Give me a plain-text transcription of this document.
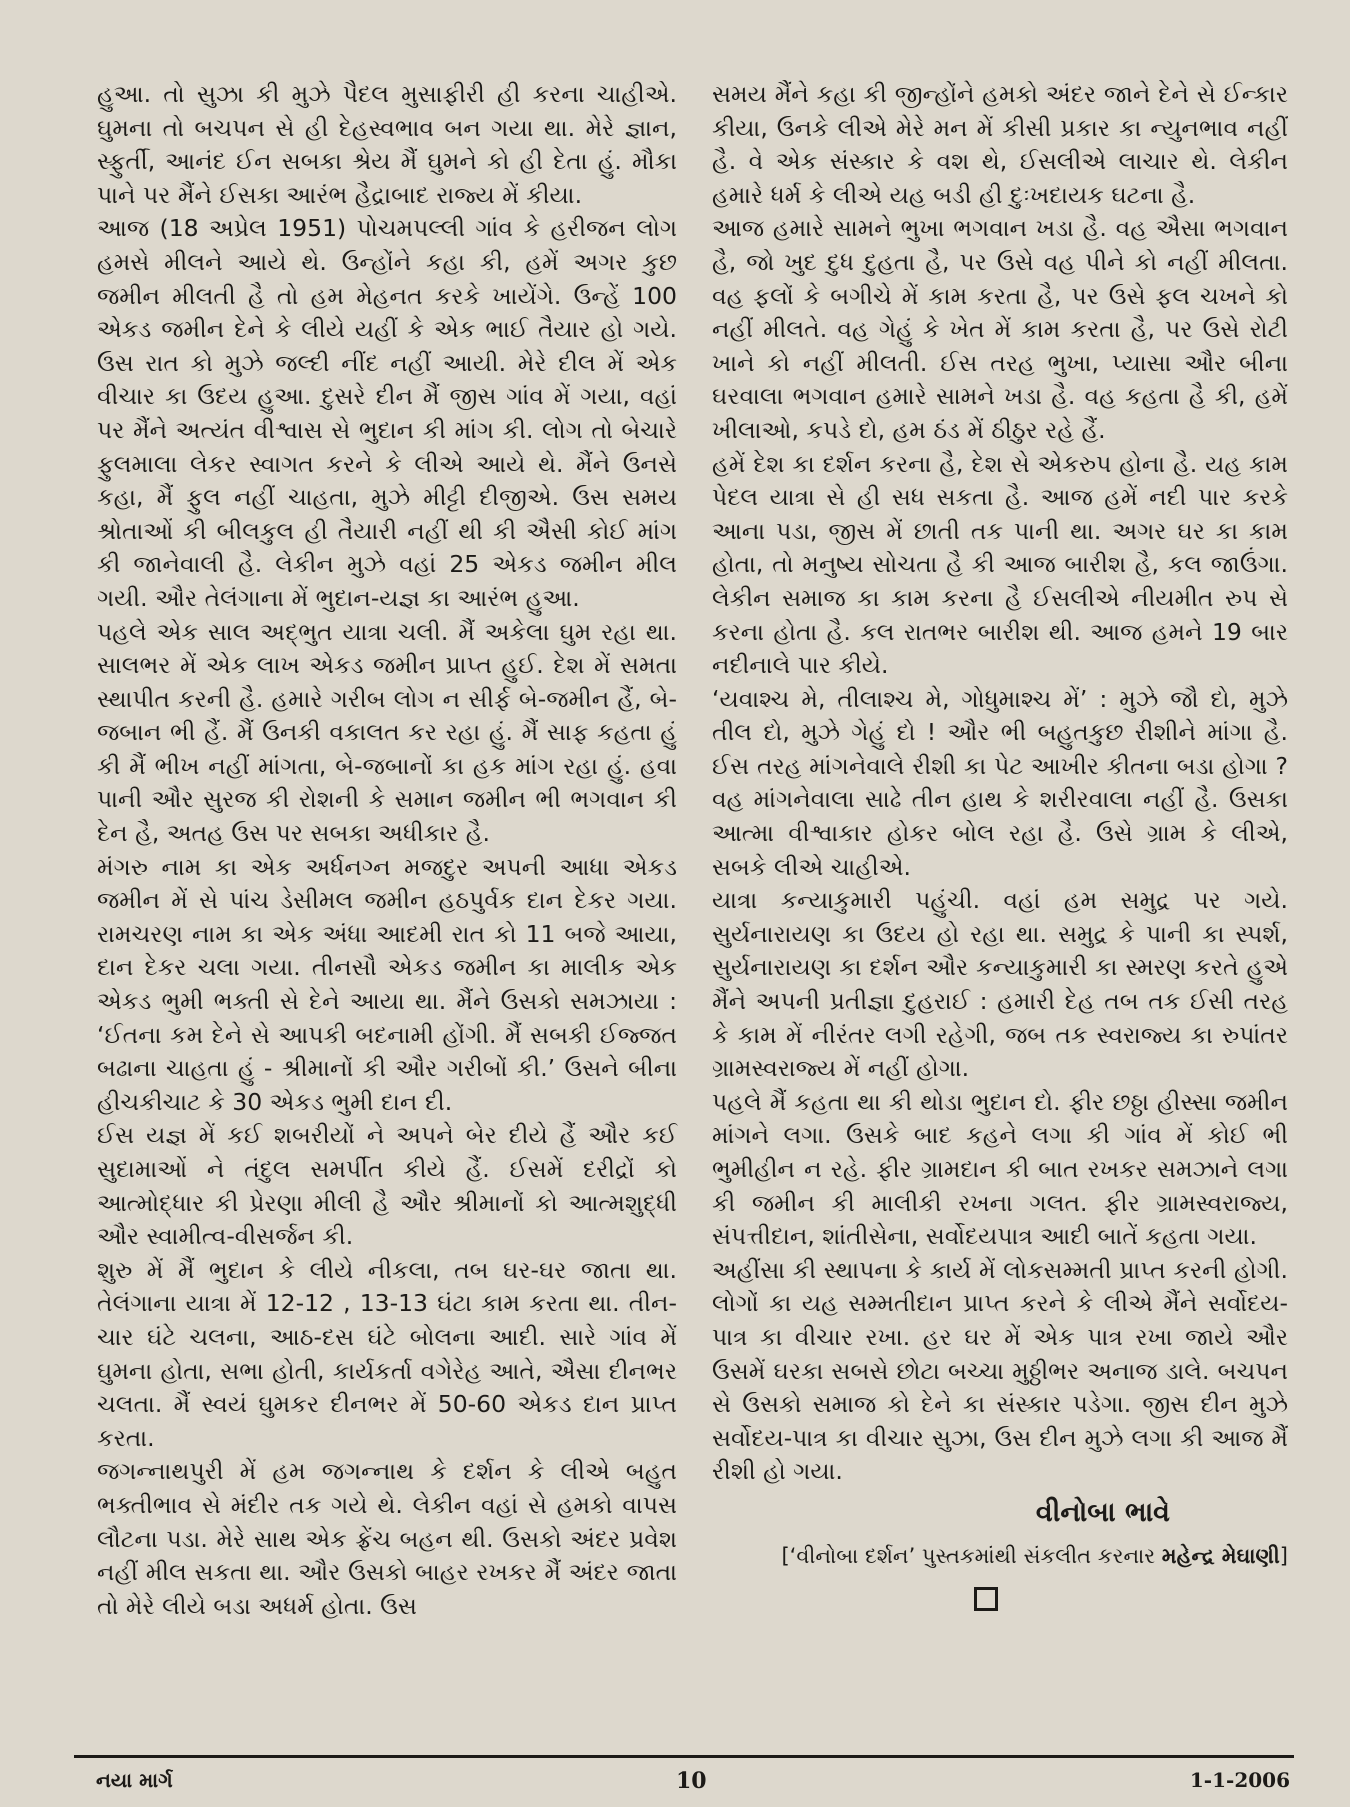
હુઆ. તો સુઝા કી મુઝે પૈદલ મુસાફીરી હી કરના ચાહીએ. ઘુમના તો બચપન સે હી દેહસ્વભાવ બન ગયા થા. મેરે જ્ઞાન, સ્ફુર્તી, આનંદ ઈન સબકા શ્રેય મૈં ઘુમને કો હી દેતા હું. મૌકા પાને પર મૈંને ઈસકા આરંભ હૈદ્રાબાદ રાજ્ય મેં કીયા.

આજ (18 અપ્રેલ 1951) પોચમપલ્લી ગાંવ કે હરીજન લોગ હમસે મીલને આયે થે. ઉન્હોંને કહા કી, હમેં અગર કુછ જમીન મીલતી હૈ તો હમ મેહનત કરકે ખાયેંગે. ઉન્હેં 100 એકડ જમીન દેને કે લીયે યહીં કે એક ભાઈ તૈયાર હો ગયે. ઉસ રાત કો મુઝે જલ્દી નીંદ નહીં આયી. મેરે દીલ મેં એક વીચાર કા ઉદય હુઆ. દુસરે દીન મૈં જીસ ગાંવ મેં ગયા, વહાં પર મૈંને અત્યંત વીશ્વાસ સે ભુદાન કી માંગ કી. લોગ તો બેચારે ફુલમાલા લેકર સ્વાગત કરને કે લીએ આયે થે. મૈંને ઉનસે કહા, મૈં ફુલ નહીં ચાહતા, મુઝે મીટ્ટી દીજીએ. ઉસ સમય શ્રોતાઓં કી બીલકુલ હી તૈયારી નહીં થી કી ઐસી કોઈ માંગ કી જાનેવાલી હૈ. લેકીન મુઝે વહાં 25 એકડ જમીન મીલ ગયી. ઔર તેલંગાના મેં ભુદાન-યજ્ઞ કા આરંભ હુઆ.

પહલે એક સાલ અદ્ભુત યાત્રા ચલી. મૈં અકેલા ઘુમ રહા થા. સાલભર મેં એક લાખ એકડ જમીન પ્રાપ્ત હુઈ. દેશ મેં સમતા સ્થાપીત કરની હૈ. હમારે ગરીબ લોગ ન સીર્ફ બે-જમીન હૈં, બે-જબાન ભી હૈં. મૈં ઉનકી વકાલત કર રહા હું. મૈં સાફ કહતા હું કી મૈં ભીખ નહીં માંગતા, બે-જબાનોં કા હક માંગ રહા હું. હવા પાની ઔર સુરજ કી રોશની કે સમાન જમીન ભી ભગવાન કી દેન હૈ, અતહ ઉસ પર સબકા અધીકાર હૈ.

મંગરુ નામ કા એક અર્ધનગ્ન મજદુર અપની આધા એકડ જમીન મેં સે પાંચ ડેસીમલ જમીન હઠપુર્વક દાન દેકર ગયા. રામચરણ નામ કા એક અંધા આદમી રાત કો 11 બજે આયા, દાન દેકર ચલા ગયા. તીનસૌ એકડ જમીન કા માલીક એક એકડ ભુમી ભક્તી સે દેને આયા થા. મૈંને ઉસકો સમઝાયા : ‘ઈતના કમ દેને સે આપકી બદનામી હોંગી. મૈં સબકી ઈજ્જત બઢાના ચાહતા હું - શ્રીમાનોં કી ઔર ગરીબોં કી.’ ઉસને બીના હીચકીચાટ કે 30 એકડ ભુમી દાન દી.

ઈસ યજ્ઞ મેં કઈ શબરીયોં ને અપને બેર દીયે હૈં ઔર કઈ સુદામાઓં ને તંદુલ સમર્પીત કીયે હૈં. ઈસમેં દરીદ્રોં કો આત્મોદ્ધાર કી પ્રેરણા મીલી હૈ ઔર શ્રીમાનોં કો આત્મશુદ્ધી ઔર સ્વામીત્વ-વીસર્જન કી.

શુરુ મેં મૈં ભુદાન કે લીયે નીકલા, તબ ઘર-ઘર જાતા થા. તેલંગાના યાત્રા મેં 12-12 , 13-13 ઘંટા કામ કરતા થા. તીન-ચાર ઘંટે ચલના, આઠ-દસ ઘંટે બોલના આદી. સારે ગાંવ મેં ઘુમના હોતા, સભા હોતી, કાર્યકર્તા વગેરેહ આતે, ઐસા દીનભર ચલતા. મૈં સ્વયં ઘુમકર દીનભર મેં 50-60 એકડ દાન પ્રાપ્ત કરતા.

જગન્નાથપુરી મેં હમ જગન્નાથ કે દર્શન કે લીએ બહુત ભક્તીભાવ સે મંદીર તક ગયે થે. લેકીન વહાં સે હમકો વાપસ લૌટના પડા. મેરે સાથ એક ફ્રેંચ બહન થી. ઉસકો અંદર પ્રવેશ નહીં મીલ સકતા થા. ઔર ઉસકો બાહર રખકર મૈં અંદર જાતા તો મેરે લીયે બડા અધર્મ હોતા. ઉસ

સમય મૈંને કહા કી જીન્હોંને હમકો અંદર જાને દેને સે ઈન્કાર કીયા, ઉનકે લીએ મેરે મન મેં કીસી પ્રકાર કા ન્યુનભાવ નહીં હૈ. વે એક સંસ્કાર કે વશ થે, ઈસલીએ લાચાર થે. લેકીન હમારે ધર્મ કે લીએ યહ બડી હી દુઃખદાયક ઘટના હૈ.

આજ હમારે સામને ભુખા ભગવાન ખડા હૈ. વહ ઐસા ભગવાન હૈ, જો ખુદ દુધ દુહતા હૈ, પર ઉસે વહ પીને કો નહીં મીલતા. વહ ફલોં કે બગીચે મેં કામ કરતા હૈ, પર ઉસે ફલ ચખને કો નહીં મીલતે. વહ ગેહું કે ખેત મેં કામ કરતા હૈ, પર ઉસે રોટી ખાને કો નહીં મીલતી. ઈસ તરહ ભુખા, પ્યાસા ઔર બીના ઘરવાલા ભગવાન હમારે સામને ખડા હૈ. વહ કહતા હૈ કી, હમેં ખીલાઓ, કપડે દો, હમ ઠંડ મેં ઠીઠુર રહે હૈં.

હમેં દેશ કા દર્શન કરના હૈ, દેશ સે એકરુપ હોના હૈ. યહ કામ પેદલ યાત્રા સે હી સધ સકતા હૈ. આજ હમેં નદી પાર કરકે આના પડા, જીસ મેં છાતી તક પાની થા. અગર ઘર કા કામ હોતા, તો મનુષ્ય સોચતા હૈ કી આજ બારીશ હૈ, કલ જાઉંગા. લેકીન સમાજ કા કામ કરના હૈ ઈસલીએ નીયમીત રુપ સે કરના હોતા હૈ. કલ રાતભર બારીશ થી. આજ હમને 19 બાર નદીનાલે પાર કીયે.

‘યવાશ્ચ મે, તીલાશ્ચ મે, ગોધુમાશ્ચ મેં’ : મુઝે જૌ દો, મુઝે તીલ દો, મુઝે ગેહું દો ! ઔર ભી બહુતકુછ રીશીને માંગા હૈ. ઈસ તરહ માંગનેવાલે રીશી કા પેટ આખીર કીતના બડા હોગા ? વહ માંગનેવાલા સાઢે તીન હાથ કે શરીરવાલા નહીં હૈ. ઉસકા આત્મા વીશ્વાકાર હોકર બોલ રહા હૈ. ઉસે ગ્રામ કે લીએ, સબકે લીએ ચાહીએ.

યાત્રા કન્યાકુમારી પહુંચી. વહાં હમ સમુદ્ર પર ગયે. સુર્યનારાયણ કા ઉદય હો રહા થા. સમુદ્ર કે પાની કા સ્પર્શ, સુર્યનારાયણ કા દર્શન ઔર કન્યાકુમારી કા સ્મરણ કરતે હુએ મૈંને અપની પ્રતીજ્ઞા દુહરાઈ : હમારી દેહ તબ તક ઈસી તરહ કે કામ મેં નીરંતર લગી રહેગી, જબ તક સ્વરાજ્ય કા રુપાંતર ગ્રામસ્વરાજ્ય મેં નહીં હોગા.

પહલે મૈં કહતા થા કી થોડા ભુદાન દો. ફીર છઠ્ઠા હીસ્સા જમીન માંગને લગા. ઉસકે બાદ કહને લગા કી ગાંવ મેં કોઈ ભી ભુમીહીન ન રહે. ફીર ગ્રામદાન કી બાત રખકર સમઝાને લગા કી જમીન કી માલીકી રખના ગલત. ફીર ગ્રામસ્વરાજ્ય, સંપત્તીદાન, શાંતીસેના, સર્વોદયપાત્ર આદી બાતેં કહતા ગયા.

અહીંસા કી સ્થાપના કે કાર્ય મેં લોકસમ્મતી પ્રાપ્ત કરની હોગી. લોગોં કા યહ સમ્મતીદાન પ્રાપ્ત કરને કે લીએ મૈંને સર્વોદય-પાત્ર કા વીચાર રખા. હર ઘર મેં એક પાત્ર રખા જાયે ઔર ઉસમેં ઘરકા સબસે છોટા બચ્ચા મુઠ્ઠીભર અનાજ ડાલે. બચપન સે ઉસકો સમાજ કો દેને કા સંસ્કાર પડેગા. જીસ દીન મુઝે સર્વોદય-પાત્ર કા વીચાર સુઝા, ઉસ દીન મુઝે લગા કી આજ મૈં રીશી હો ગયા.

વીનોબા ભાવે
[‘વીનોબા દર્શન’ પુસ્તકમાંથી સંકલીત કરનાર મહેન્દ્ર મેઘાણી]
નયા માર્ગ	10	1-1-2006
